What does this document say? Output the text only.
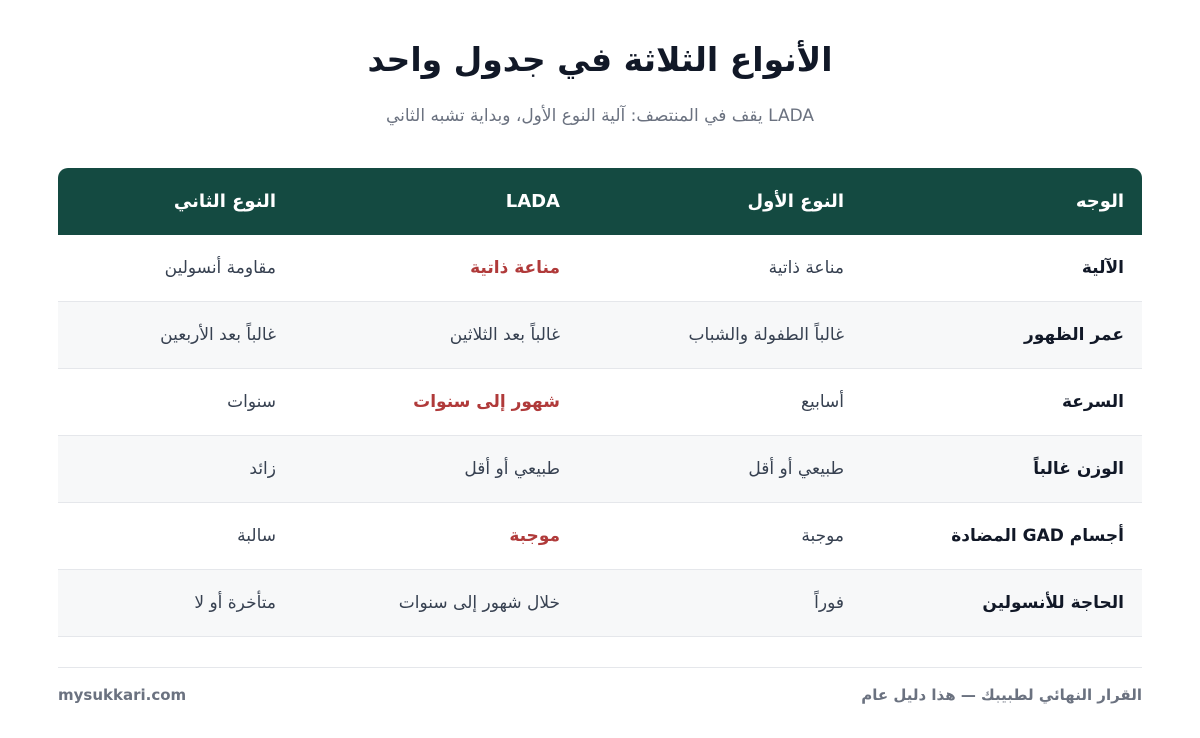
الأنواع الثلاثة في جدول واحد
LADA يقف في المنتصف: آلية النوع الأول، وبداية تشبه الثاني
الوجه
النوع الأول
LADA
النوع الثاني
الآلية
مناعة ذاتية
مناعة ذاتية
مقاومة أنسولين
عمر الظهور
غالباً الطفولة والشباب
غالباً بعد الثلاثين
غالباً بعد الأربعين
السرعة
أسابيع
شهور إلى سنوات
سنوات
الوزن غالباً
طبيعي أو أقل
طبيعي أو أقل
زائد
أجسام GAD المضادة
موجبة
موجبة
سالبة
الحاجة للأنسولين
فوراً
خلال شهور إلى سنوات
متأخرة أو لا
القرار النهائي لطبيبك — هذا دليل عام
mysukkari.com
